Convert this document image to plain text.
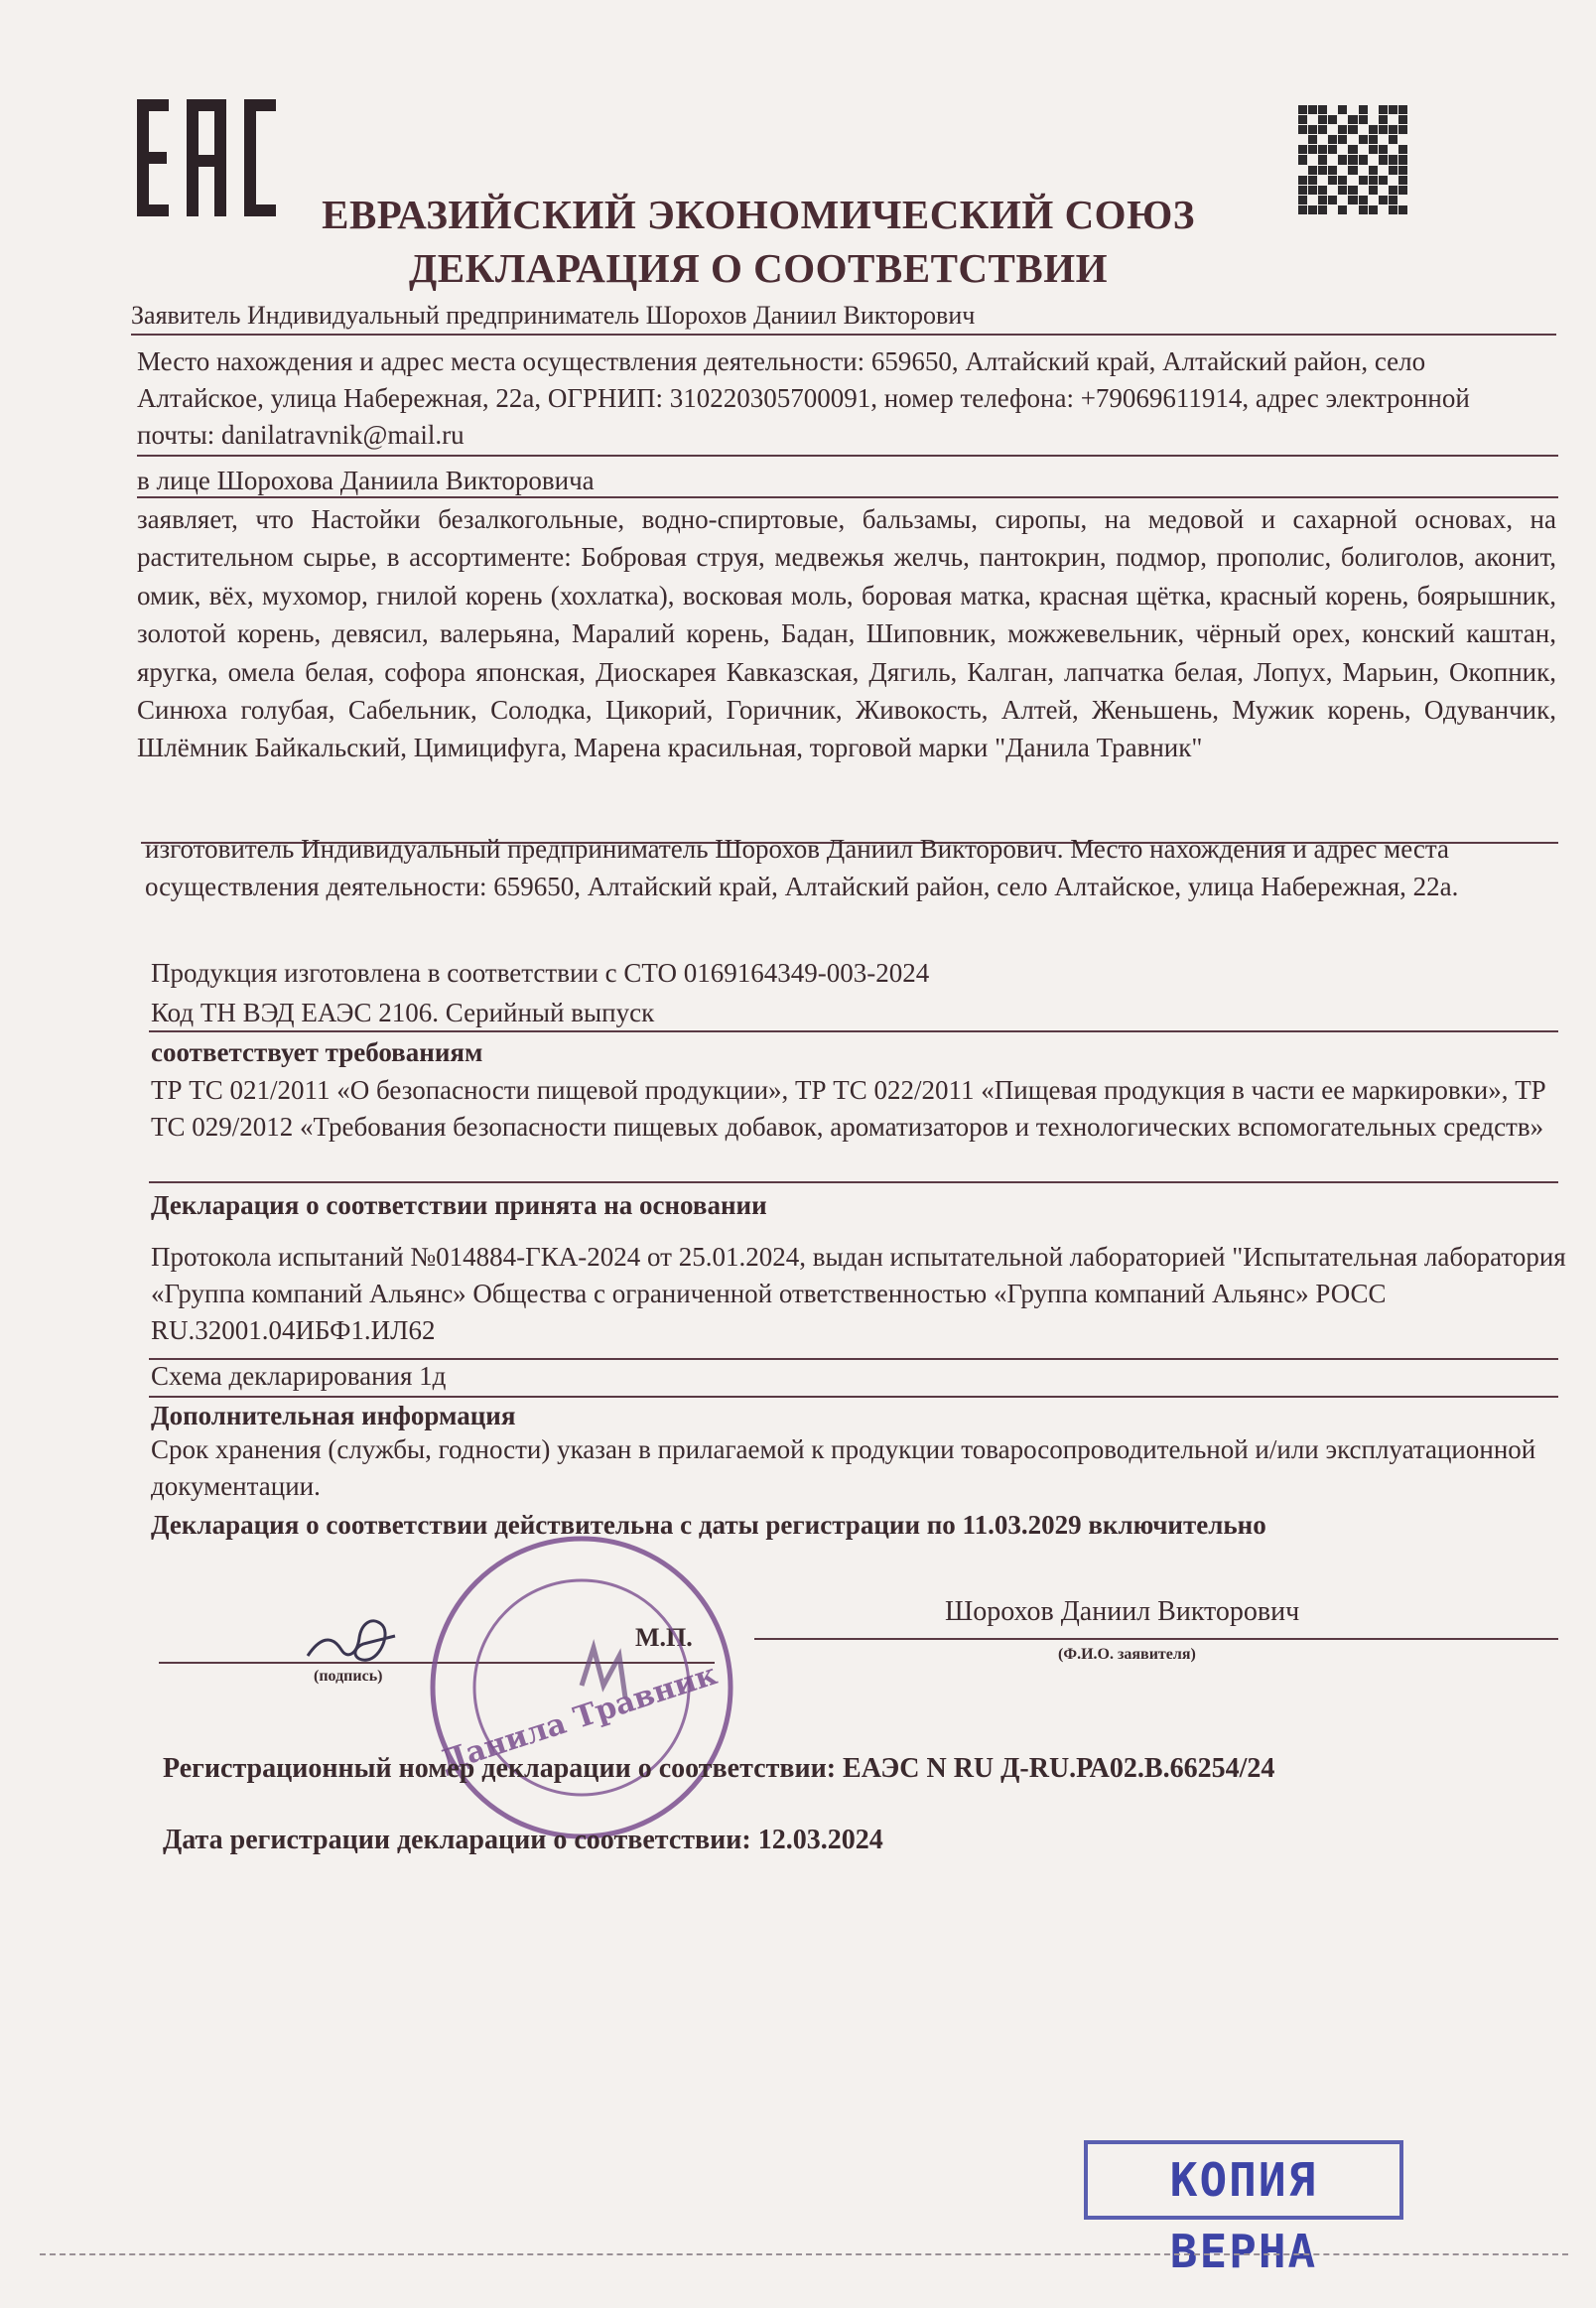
ЕВРАЗИЙСКИЙ ЭКОНОМИЧЕСКИЙ СОЮЗ
ДЕКЛАРАЦИЯ О СООТВЕТСТВИИ
Заявитель Индивидуальный предприниматель Шорохов Даниил Викторович
Место нахождения и адрес места осуществления деятельности: 659650, Алтайский край, Алтайский район, село Алтайское, улица Набережная, 22а, ОГРНИП: 310220305700091, номер телефона: +79069611914, адрес электронной почты: danilatravnik@mail.ru
в лице Шорохова Даниила Викторовича
заявляет, что Настойки безалкогольные, водно-спиртовые, бальзамы, сиропы, на медовой и сахарной основах, на растительном сырье, в ассортименте: Бобровая струя, медвежья желчь, пантокрин, подмор, прополис, болиголов, аконит, омик, вёх, мухомор, гнилой корень (хохлатка), восковая моль, боровая матка, красная щётка, красный корень, боярышник, золотой корень, девясил, валерьяна, Маралий корень, Бадан, Шиповник, можжевельник, чёрный орех, конский каштан, яругка, омела белая, софора японская, Диоскарея Кавказская, Дягиль, Калган, лапчатка белая, Лопух, Марьин, Окопник, Синюха голубая, Сабельник, Солодка, Цикорий, Горичник, Живокость, Алтей, Женьшень, Мужик корень, Одуванчик, Шлёмник Байкальский, Цимицифуга, Марена красильная, торговой марки "Данила Травник"
изготовитель Индивидуальный предприниматель Шорохов Даниил Викторович. Место нахождения и адрес места осуществления деятельности: 659650, Алтайский край, Алтайский район, село Алтайское, улица Набережная, 22а.
Продукция изготовлена в соответствии с СТО 0169164349-003-2024
Код ТН ВЭД ЕАЭС 2106. Серийный выпуск
соответствует требованиям
ТР ТС 021/2011 «О безопасности пищевой продукции», ТР ТС 022/2011 «Пищевая продукция в части ее маркировки», ТР ТС 029/2012 «Требования безопасности пищевых добавок, ароматизаторов и технологических вспомогательных средств»
Декларация о соответствии принята на основании
Протокола испытаний №014884-ГКА-2024 от 25.01.2024, выдан испытательной лабораторией "Испытательная лаборатория «Группа компаний Альянс» Общества с ограниченной ответственностью «Группа компаний Альянс» РОСС RU.32001.04ИБФ1.ИЛ62
Схема декларирования 1д
Дополнительная информация
Срок хранения (службы, годности) указан в прилагаемой к продукции товаросопроводительной и/или эксплуатационной документации.
Декларация о соответствии действительна с даты регистрации по 11.03.2029 включительно
(подпись)
М.П.
Шорохов Даниил Викторович
(Ф.И.О. заявителя)
Данила Травник
Регистрационный номер декларации о соответствии: ЕАЭС N RU Д-RU.РА02.В.66254/24
Дата регистрации декларации о соответствии: 12.03.2024
КОПИЯ ВЕРНА
